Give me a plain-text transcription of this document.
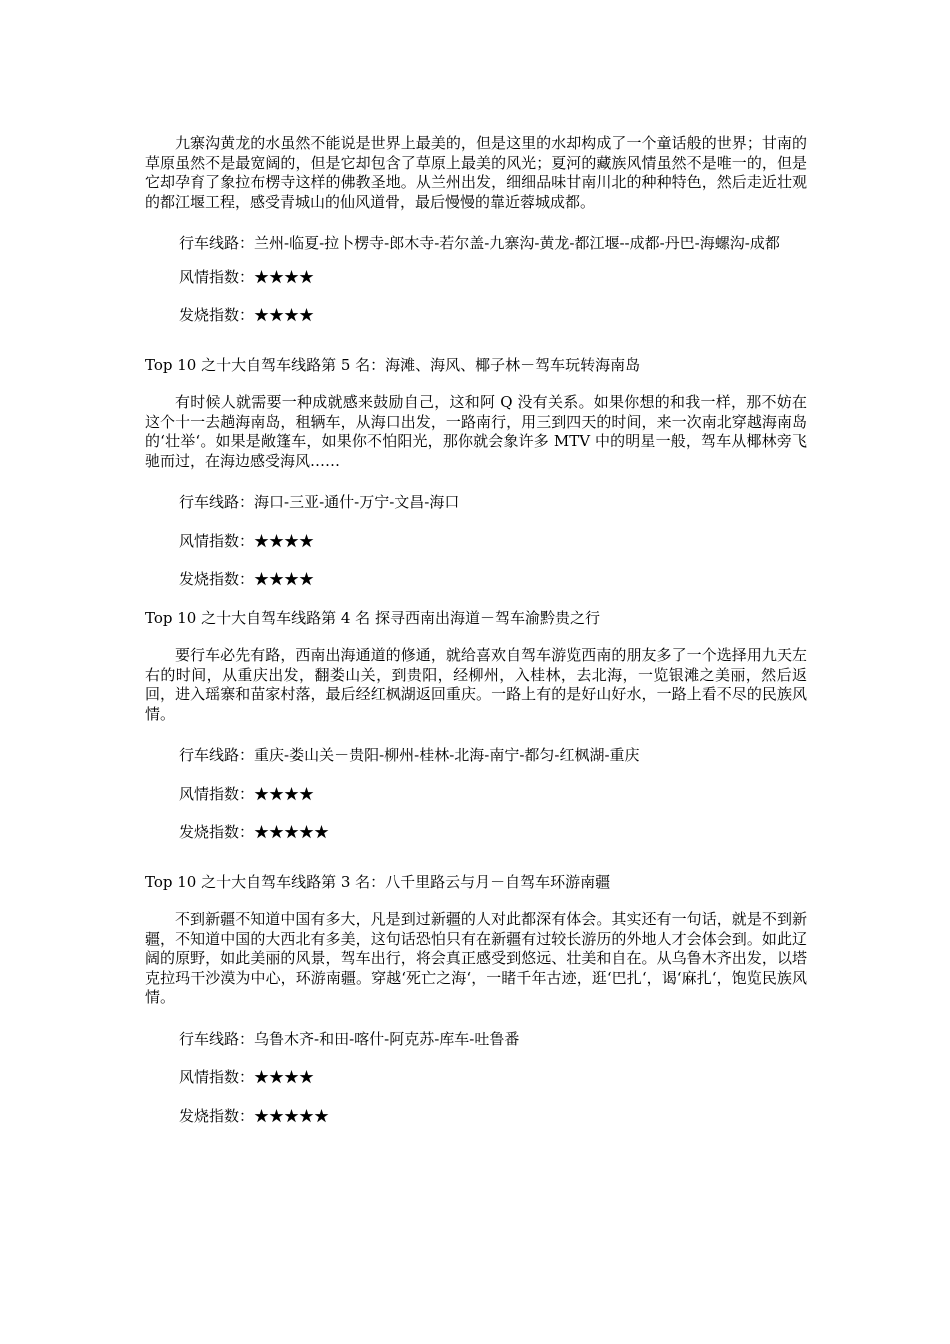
九寨沟黄龙的水虽然不能说是世界上最美的，但是这里的水却构成了一个童话般的世界；甘南的草原虽然不是最宽阔的，但是它却包含了草原上最美的风光；夏河的藏族风情虽然不是唯一的，但是它却孕育了象拉布楞寺这样的佛教圣地。从兰州出发，细细品味甘南川北的种种特色，然后走近壮观的都江堰工程，感受青城山的仙风道骨，最后慢慢的靠近蓉城成都。

行车线路：兰州-临夏-拉卜楞寺-郎木寺-若尔盖-九寨沟-黄龙-都江堰--成都-丹巴-海螺沟-成都

风情指数：★★★★

发烧指数：★★★★

Top 10 之十大自驾车线路第 5 名：海滩、海风、椰子林－驾车玩转海南岛

有时候人就需要一种成就感来鼓励自己，这和阿 Q 没有关系。如果你想的和我一样，那不妨在这个十一去趟海南岛，租辆车，从海口出发，一路南行，用三到四天的时间，来一次南北穿越海南岛的‘壮举‘。如果是敞篷车，如果你不怕阳光，那你就会象许多 MTV 中的明星一般，驾车从椰林旁飞驰而过，在海边感受海风……

行车线路：海口-三亚-通什-万宁-文昌-海口

风情指数：★★★★

发烧指数：★★★★

Top 10 之十大自驾车线路第 4 名 探寻西南出海道－驾车渝黔贵之行

要行车必先有路，西南出海通道的修通，就给喜欢自驾车游览西南的朋友多了一个选择用九天左右的时间，从重庆出发，翻娄山关，到贵阳，经柳州，入桂林，去北海，一览银滩之美丽，然后返回，进入瑶寨和苗家村落，最后经红枫湖返回重庆。一路上有的是好山好水，一路上看不尽的民族风情。

行车线路：重庆-娄山关－贵阳-柳州-桂林-北海-南宁-都匀-红枫湖-重庆

风情指数：★★★★

发烧指数：★★★★★

Top 10 之十大自驾车线路第 3 名：八千里路云与月－自驾车环游南疆

不到新疆不知道中国有多大，凡是到过新疆的人对此都深有体会。其实还有一句话，就是不到新疆，不知道中国的大西北有多美，这句话恐怕只有在新疆有过较长游历的外地人才会体会到。如此辽阔的原野，如此美丽的风景，驾车出行，将会真正感受到悠远、壮美和自在。从乌鲁木齐出发，以塔克拉玛干沙漠为中心，环游南疆。穿越‘死亡之海‘，一睹千年古迹，逛‘巴扎‘，谒‘麻扎‘，饱览民族风情。

行车线路：乌鲁木齐-和田-喀什-阿克苏-库车-吐鲁番

风情指数：★★★★

发烧指数：★★★★★
